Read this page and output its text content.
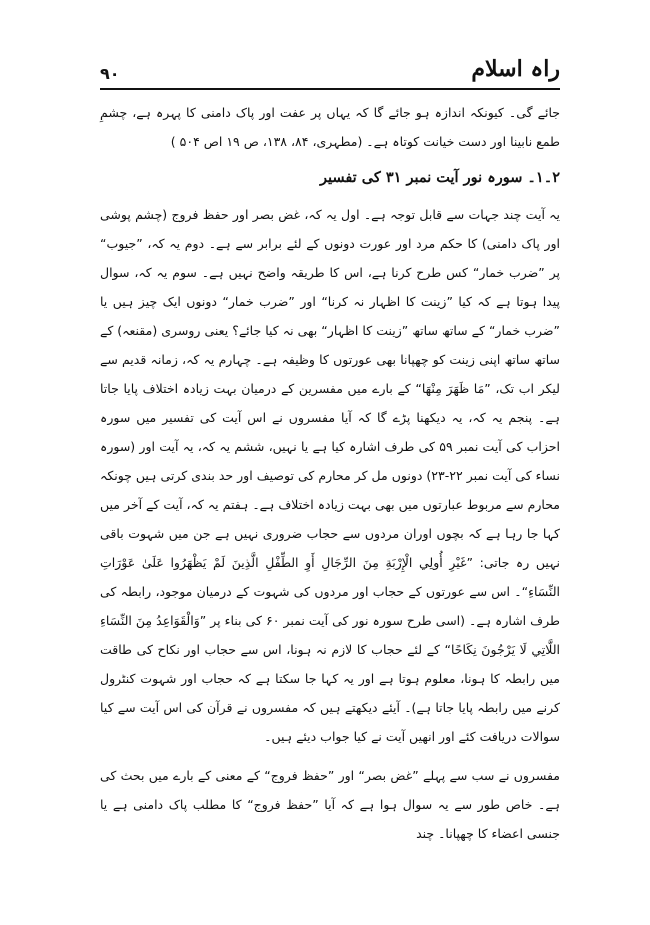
۹۰	راہ اسلام

جائے گی۔ کیونکہ اندازہ ہو جائے گا کہ یہاں پر عفت اور پاک دامنی کا پہرہ ہے، چشمِ طمع نابینا اور دست خیانت کوتاہ ہے۔ (مطہری، ۸۴، ۱۳۸، ص ۱۹ اص ۵۰۴ )

۲۔۱۔ سورہ نور آیت نمبر ۳۱ کی تفسیر

یہ آیت چند جہات سے قابل توجہ ہے۔ اول یہ کہ، غض بصر اور حفظ فروج (چشم پوشی اور پاک دامنی) کا حکم مرد اور عورت دونوں کے لئے برابر سے ہے۔ دوم یہ کہ، ”جیوب“ پر ”ضرب خمار“ کس طرح کرنا ہے، اس کا طریقہ واضح نہیں ہے۔ سوم یہ کہ، سوال پیدا ہوتا ہے کہ کیا ”زینت کا اظہار نہ کرنا“ اور ”ضرب خمار“ دونوں ایک چیز ہیں یا ”ضرب خمار“ کے ساتھ ساتھ ”زینت کا اظہار“ بھی نہ کیا جائے؟ یعنی روسری (مقنعہ) کے ساتھ ساتھ اپنی زینت کو چھپانا بھی عورتوں کا وظیفہ ہے۔ چہارم یہ کہ، زمانہ قدیم سے لیکر اب تک، ”مَا ظَهَرَ مِنْهَا“ کے بارے میں مفسرین کے درمیان بہت زیادہ اختلاف پایا جاتا ہے۔ پنجم یہ کہ، یہ دیکھنا پڑے گا کہ آیا مفسروں نے اس آیت کی تفسیر میں سورہ احزاب کی آیت نمبر ۵۹ کی طرف اشارہ کیا ہے یا نہیں، ششم یہ کہ، یہ آیت اور (سورہ نساء کی آیت نمبر ۲۲-۲۳) دونوں مل کر محارم کی توصیف اور حد بندی کرتی ہیں چونکہ محارم سے مربوط عبارتوں میں بھی بہت زیادہ اختلاف ہے۔ ہفتم یہ کہ، آیت کے آخر میں کہا جا رہا ہے کہ بچوں اوران مردوں سے حجاب ضروری نہیں ہے جن میں شہوت باقی نہیں رہ جاتی: ”غَيْرِ أُولِي الْإِرْبَةِ مِنَ الرِّجَالِ أَوِ الطِّفْلِ الَّذِينَ لَمْ يَظْهَرُوا عَلَىٰ عَوْرَاتِ النِّسَاءِ“۔ اس سے عورتوں کے حجاب اور مردوں کی شہوت کے درمیان موجود، رابطہ کی طرف اشارہ ہے۔ (اسی طرح سورہ نور کی آیت نمبر ۶۰ کی بناء پر ”وَالْقَوَاعِدُ مِنَ النِّسَاءِ اللَّاتِي لَا يَرْجُونَ نِكَاحًا“ کے لئے حجاب کا لازم نہ ہونا، اس سے حجاب اور نکاح کی طاقت میں رابطہ کا ہونا، معلوم ہوتا ہے اور یہ کہا جا سکتا ہے کہ حجاب اور شہوت کنٹرول کرنے میں رابطہ پایا جاتا ہے)۔ آیئے دیکھتے ہیں کہ مفسروں نے قرآن کی اس آیت سے کیا سوالات دریافت کئے اور انھیں آیت نے کیا جواب دیئے ہیں۔

مفسروں نے سب سے پہلے ”غض بصر“ اور ”حفظ فروج“ کے معنی کے بارے میں بحث کی ہے۔ خاص طور سے یہ سوال ہوا ہے کہ آیا ”حفظ فروج“ کا مطلب پاک دامنی ہے یا جنسی اعضاء کا چھپانا۔ چند
